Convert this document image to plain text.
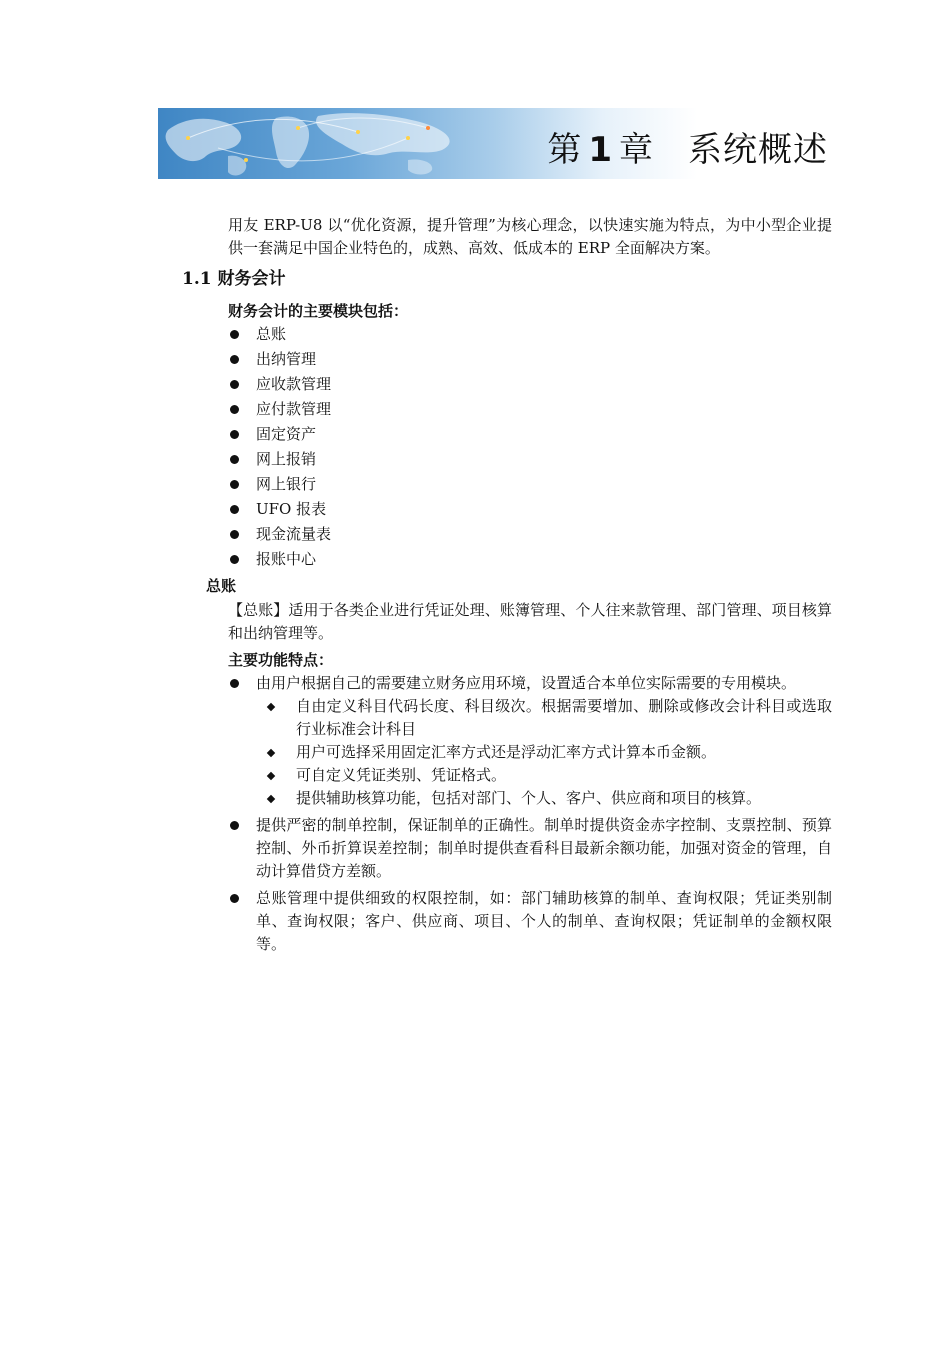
第 1 章 系统概述
用友 ERP-U8 以“优化资源，提升管理”为核心理念，以快速实施为特点，为中小型企业提供一套满足中国企业特色的，成熟、高效、低成本的 ERP 全面解决方案。
1.1 财务会计
财务会计的主要模块包括：
总账
出纳管理
应收款管理
应付款管理
固定资产
网上报销
网上银行
UFO 报表
现金流量表
报账中心
总账
【总账】适用于各类企业进行凭证处理、账簿管理、个人往来款管理、部门管理、项目核算和出纳管理等。
主要功能特点：
由用户根据自己的需要建立财务应用环境，设置适合本单位实际需要的专用模块。
自由定义科目代码长度、科目级次。根据需要增加、删除或修改会计科目或选取行业标准会计科目
用户可选择采用固定汇率方式还是浮动汇率方式计算本币金额。
可自定义凭证类别、凭证格式。
提供辅助核算功能，包括对部门、个人、客户、供应商和项目的核算。
提供严密的制单控制，保证制单的正确性。制单时提供资金赤字控制、支票控制、预算控制、外币折算误差控制；制单时提供查看科目最新余额功能，加强对资金的管理，自动计算借贷方差额。
总账管理中提供细致的权限控制，如：部门辅助核算的制单、查询权限；凭证类别制单、查询权限；客户、供应商、项目、个人的制单、查询权限；凭证制单的金额权限等。
